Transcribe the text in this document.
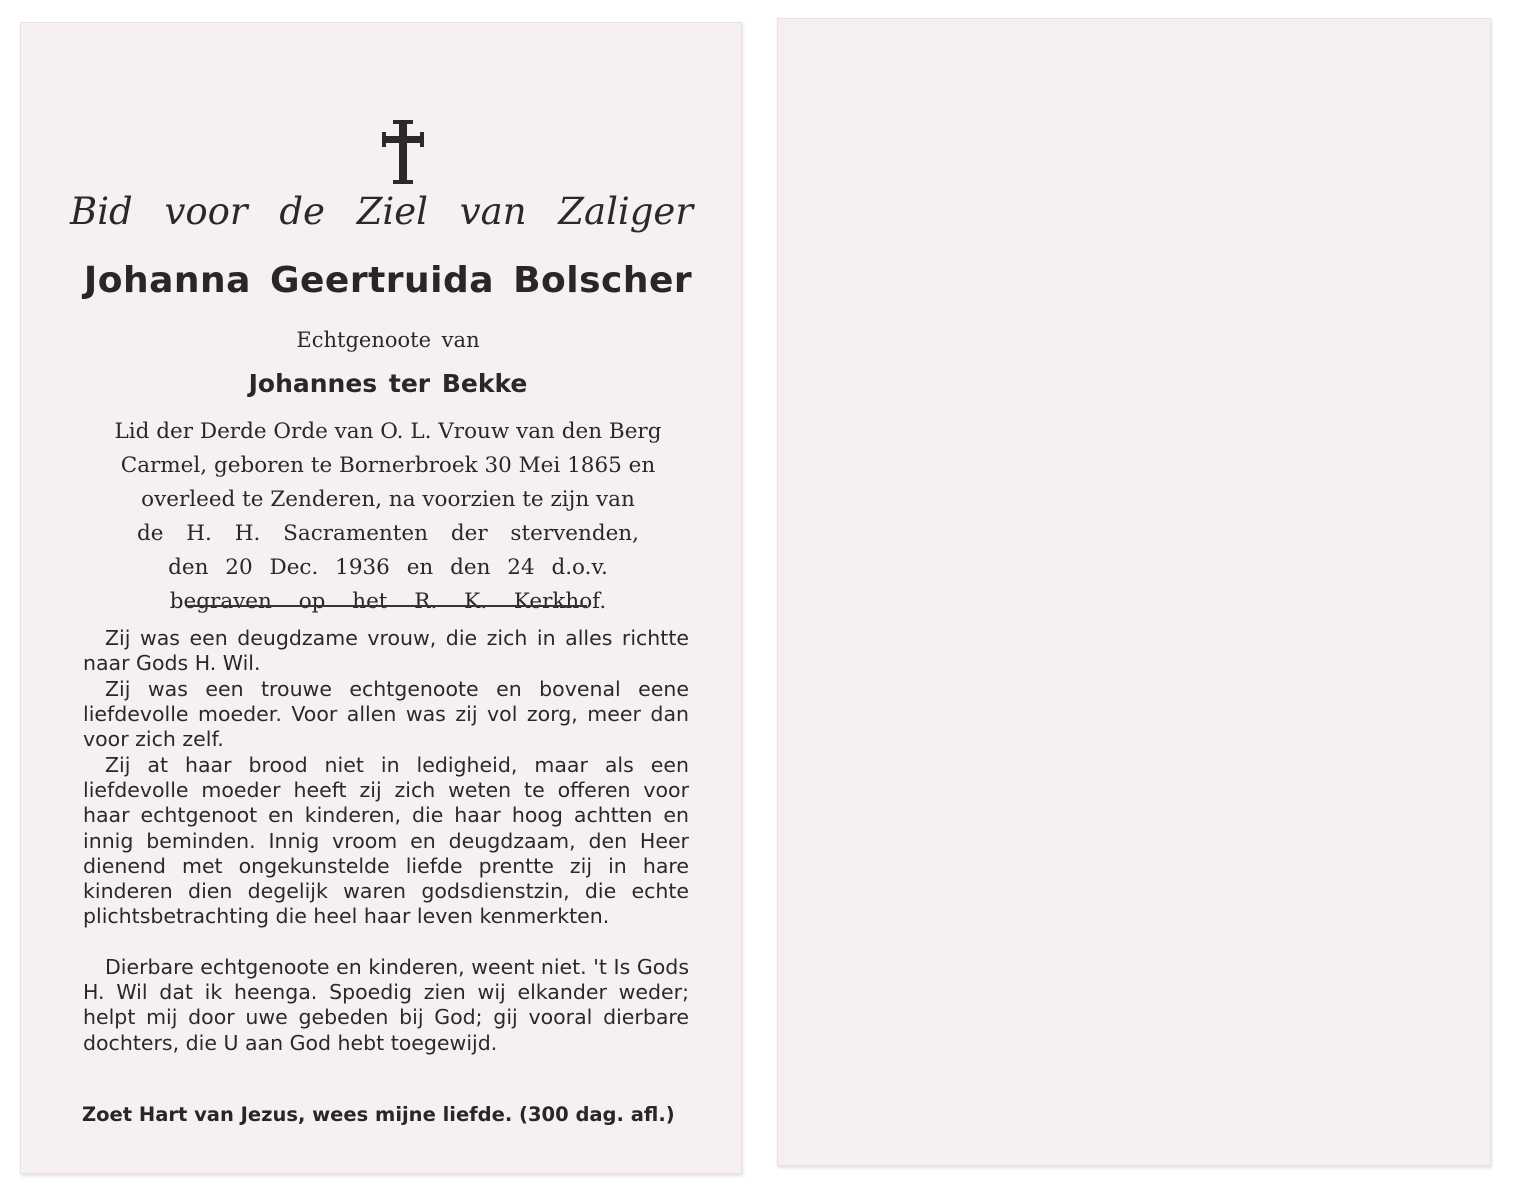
Bid voor de Ziel van Zaliger
Johanna Geertruida Bolscher
Echtgenoote van
Johannes ter Bekke
Lid der Derde Orde van O. L. Vrouw van den Berg
Carmel, geboren te Bornerbroek 30 Mei 1865 en
overleed te Zenderen, na voorzien te zijn van
de H. H. Sacramenten der stervenden,
den 20 Dec. 1936 en den 24 d.o.v.
begraven op het R. K. Kerkhof.

Zij was een deugdzame vrouw, die zich in alles richtte naar Gods H. Wil.

Zij was een trouwe echtgenoote en bovenal eene liefdevolle moeder. Voor allen was zij vol zorg, meer dan voor zich zelf.

Zij at haar brood niet in ledigheid, maar als een liefdevolle moeder heeft zij zich weten te offeren voor haar echtgenoot en kinderen, die haar hoog achtten en innig beminden. Innig vroom en deugdzaam, den Heer dienend met ongekunstelde liefde prentte zij in hare kinderen dien degelijk waren godsdienstzin, die echte plichtsbetrachting die heel haar leven kenmerkten.

Dierbare echtgenoote en kinderen, weent niet. 't Is Gods H. Wil dat ik heenga. Spoedig zien wij elkander weder; helpt mij door uwe gebeden bij God; gij vooral dierbare dochters, die U aan God hebt toegewijd.

Zoet Hart van Jezus, wees mijne liefde. (300 dag. afl.)
